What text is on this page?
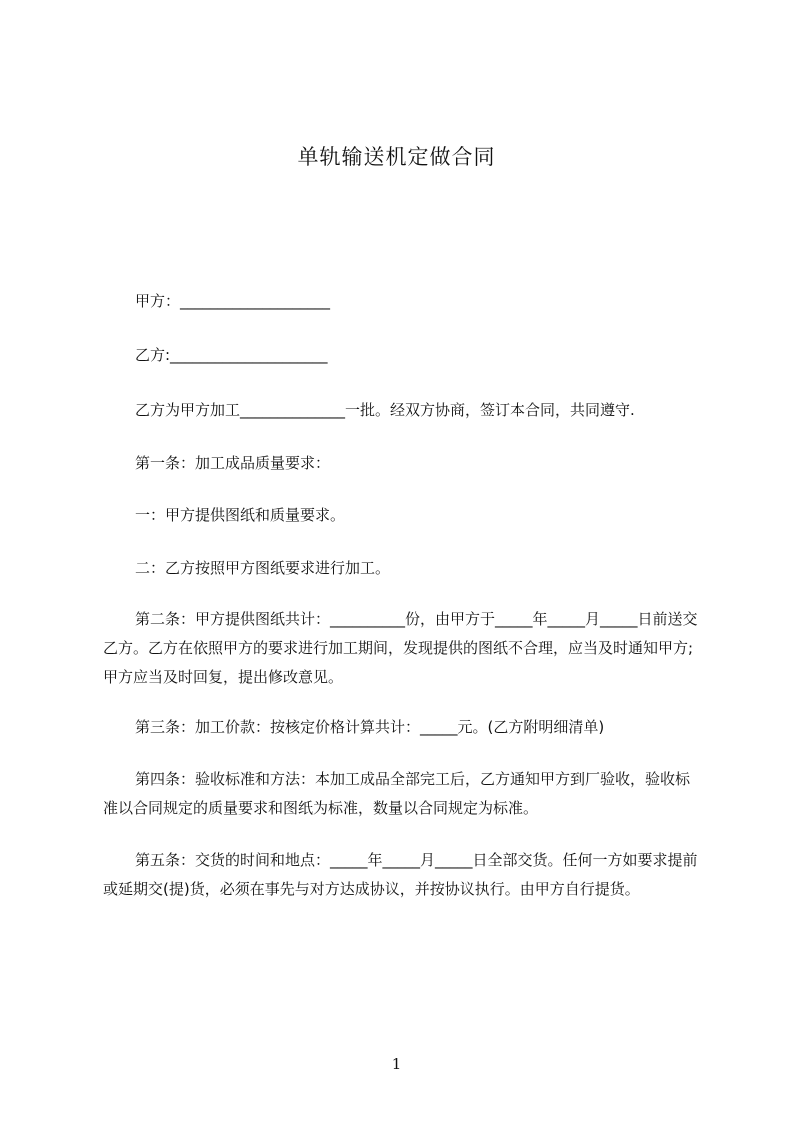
单轨输送机定做合同

甲方：____________________

乙方:_____________________

乙方为甲方加工______________一批。经双方协商，签订本合同，共同遵守.

第一条：加工成品质量要求：

一：甲方提供图纸和质量要求。

二：乙方按照甲方图纸要求进行加工。

第二条：甲方提供图纸共计：__________份，由甲方于_____年_____月_____日前送交乙方。乙方在依照甲方的要求进行加工期间，发现提供的图纸不合理，应当及时通知甲方;甲方应当及时回复，提出修改意见。

第三条：加工价款：按核定价格计算共计：_____元。(乙方附明细清单)

第四条：验收标准和方法：本加工成品全部完工后，乙方通知甲方到厂验收，验收标准以合同规定的质量要求和图纸为标准，数量以合同规定为标准。

第五条：交货的时间和地点：_____年_____月_____日全部交货。任何一方如要求提前或延期交(提)货，必须在事先与对方达成协议，并按协议执行。由甲方自行提货。

1
